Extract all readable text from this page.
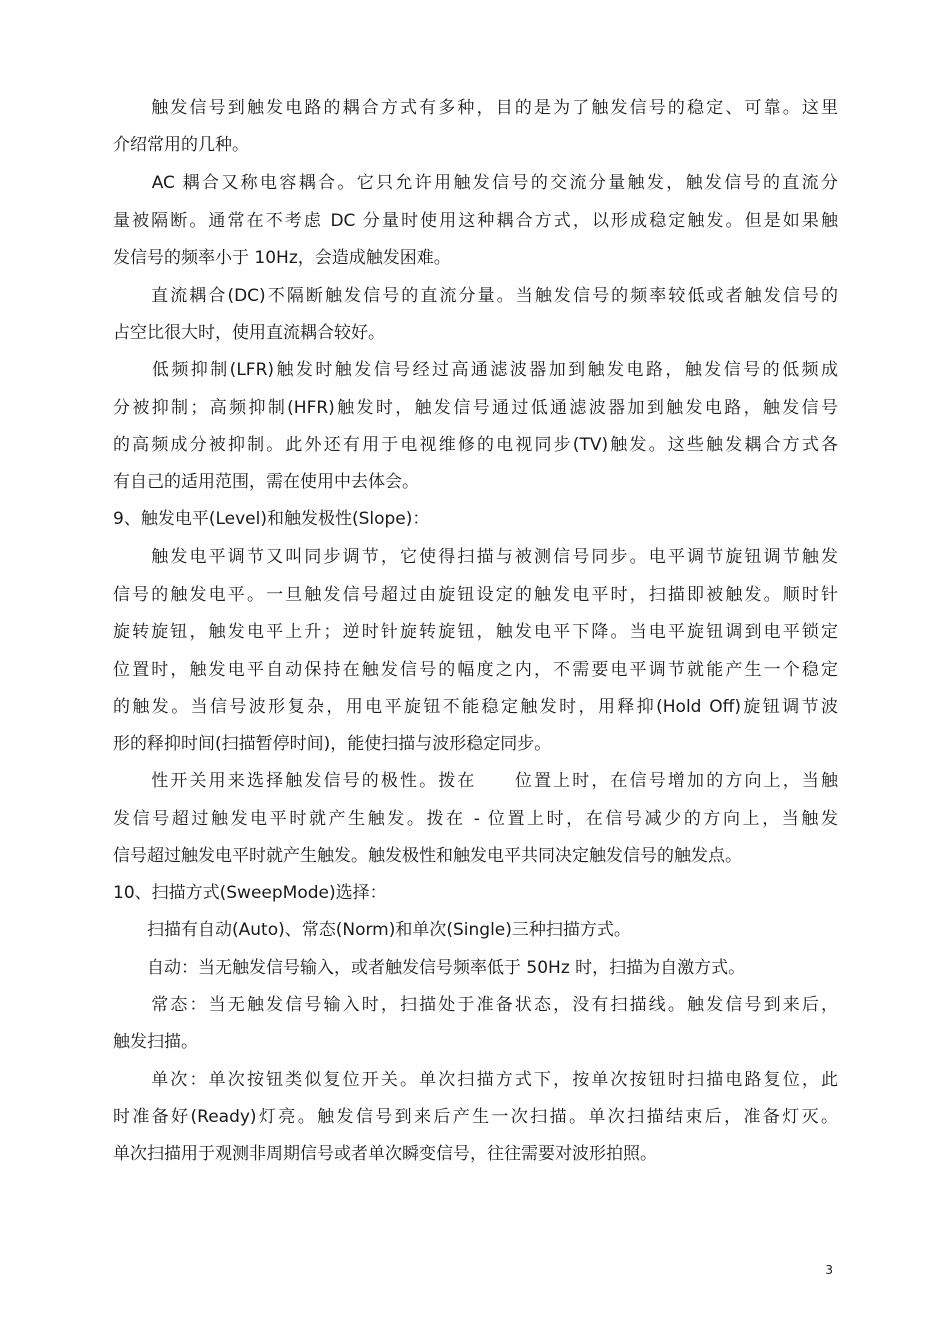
　　触发信号到触发电路的耦合方式有多种，目的是为了触发信号的稳定、可靠。这里
介绍常用的几种。
　　AC 耦合又称电容耦合。它只允许用触发信号的交流分量触发，触发信号的直流分
量被隔断。通常在不考虑 DC 分量时使用这种耦合方式，以形成稳定触发。但是如果触
发信号的频率小于 10Hz，会造成触发困难。
　　直流耦合(DC)不隔断触发信号的直流分量。当触发信号的频率较低或者触发信号的
占空比很大时，使用直流耦合较好。
　　低频抑制(LFR)触发时触发信号经过高通滤波器加到触发电路，触发信号的低频成
分被抑制；高频抑制(HFR)触发时，触发信号通过低通滤波器加到触发电路，触发信号
的高频成分被抑制。此外还有用于电视维修的电视同步(TV)触发。这些触发耦合方式各
有自己的适用范围，需在使用中去体会。
9、触发电平(Level)和触发极性(Slope)：
　　触发电平调节又叫同步调节，它使得扫描与被测信号同步。电平调节旋钮调节触发
信号的触发电平。一旦触发信号超过由旋钮设定的触发电平时，扫描即被触发。顺时针
旋转旋钮，触发电平上升；逆时针旋转旋钮，触发电平下降。当电平旋钮调到电平锁定
位置时，触发电平自动保持在触发信号的幅度之内，不需要电平调节就能产生一个稳定
的触发。当信号波形复杂，用电平旋钮不能稳定触发时，用释抑(Hold Off)旋钮调节波
形的释抑时间(扫描暂停时间)，能使扫描与波形稳定同步。
　　性开关用来选择触发信号的极性。拨在　　位置上时，在信号增加的方向上，当触
发信号超过触发电平时就产生触发。拨在 - 位置上时，在信号减少的方向上，当触发
信号超过触发电平时就产生触发。触发极性和触发电平共同决定触发信号的触发点。
10、扫描方式(SweepMode)选择：
　　扫描有自动(Auto)、常态(Norm)和单次(Single)三种扫描方式。
　　自动：当无触发信号输入，或者触发信号频率低于 50Hz 时，扫描为自激方式。
　　常态：当无触发信号输入时，扫描处于准备状态，没有扫描线。触发信号到来后，
触发扫描。
　　单次：单次按钮类似复位开关。单次扫描方式下，按单次按钮时扫描电路复位，此
时准备好(Ready)灯亮。触发信号到来后产生一次扫描。单次扫描结束后，准备灯灭。
单次扫描用于观测非周期信号或者单次瞬变信号，往往需要对波形拍照。
3
